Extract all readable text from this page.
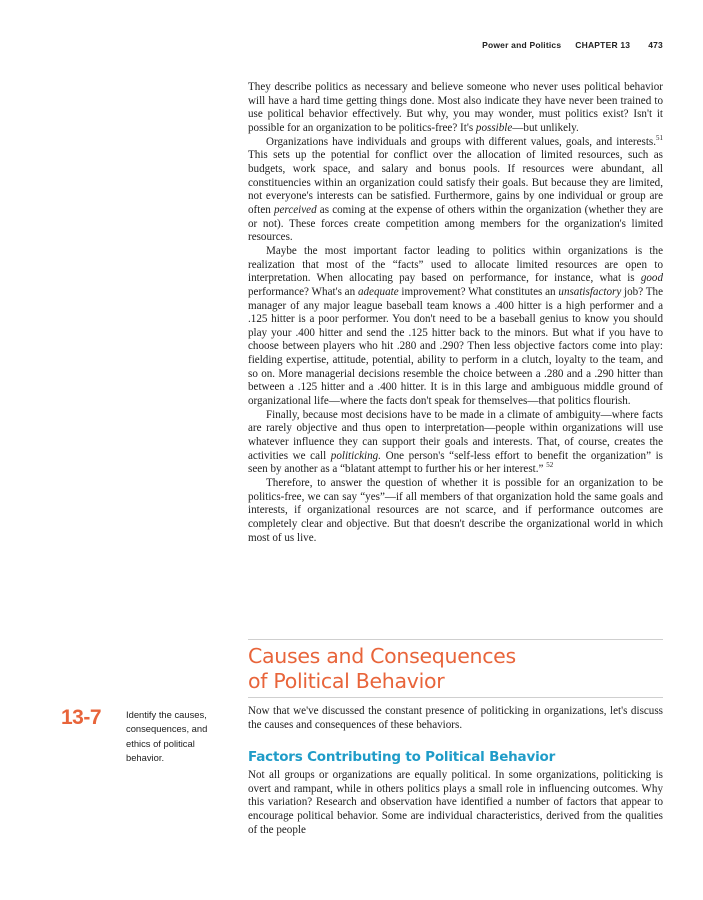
Power and Politics CHAPTER 13 473

They describe politics as necessary and believe someone who never uses political behavior will have a hard time getting things done. Most also indicate they have never been trained to use political behavior effectively. But why, you may wonder, must politics exist? Isn't it possible for an organization to be politics-free? It's possible—but unlikely.

Organizations have individuals and groups with different values, goals, and interests.$^{51}$ This sets up the potential for conflict over the allocation of limited resources, such as budgets, work space, and salary and bonus pools. If resources were abundant, all constituencies within an organization could satisfy their goals. But because they are limited, not everyone's interests can be satisfied. Furthermore, gains by one individual or group are often perceived as coming at the expense of others within the organization (whether they are or not). These forces create competition among members for the organization's limited resources.

Maybe the most important factor leading to politics within organizations is the realization that most of the “facts” used to allocate limited resources are open to interpretation. When allocating pay based on performance, for instance, what is good performance? What's an adequate improvement? What constitutes an unsatisfactory job? The manager of any major league baseball team knows a .400 hitter is a high performer and a .125 hitter is a poor performer. You don't need to be a baseball genius to know you should play your .400 hitter and send the .125 hitter back to the minors. But what if you have to choose between players who hit .280 and .290? Then less objective factors come into play: fielding expertise, attitude, potential, ability to perform in a clutch, loyalty to the team, and so on. More managerial decisions resemble the choice between a .280 and a .290 hitter than between a .125 hitter and a .400 hitter. It is in this large and ambiguous middle ground of organizational life—where the facts don't speak for themselves—that politics flourish.

Finally, because most decisions have to be made in a climate of ambiguity—where facts are rarely objective and thus open to interpretation—people within organizations will use whatever influence they can support their goals and interests. That, of course, creates the activities we call politicking. One person's “self-less effort to benefit the organization” is seen by another as a “blatant attempt to further his or her interest.” $^{52}$

Therefore, to answer the question of whether it is possible for an organization to be politics-free, we can say “yes”—if all members of that organization hold the same goals and interests, if organizational resources are not scarce, and if performance outcomes are completely clear and objective. But that doesn't describe the organizational world in which most of us live.

Causes and Consequences
of Political Behavior
13-7	Identify the causes, consequences, and ethics of political behavior.

Now that we've discussed the constant presence of politicking in organizations, let's discuss the causes and consequences of these behaviors.

Factors Contributing to Political Behavior

Not all groups or organizations are equally political. In some organizations, politicking is overt and rampant, while in others politics plays a small role in influencing outcomes. Why this variation? Research and observation have identified a number of factors that appear to encourage political behavior. Some are individual characteristics, derived from the qualities of the people
